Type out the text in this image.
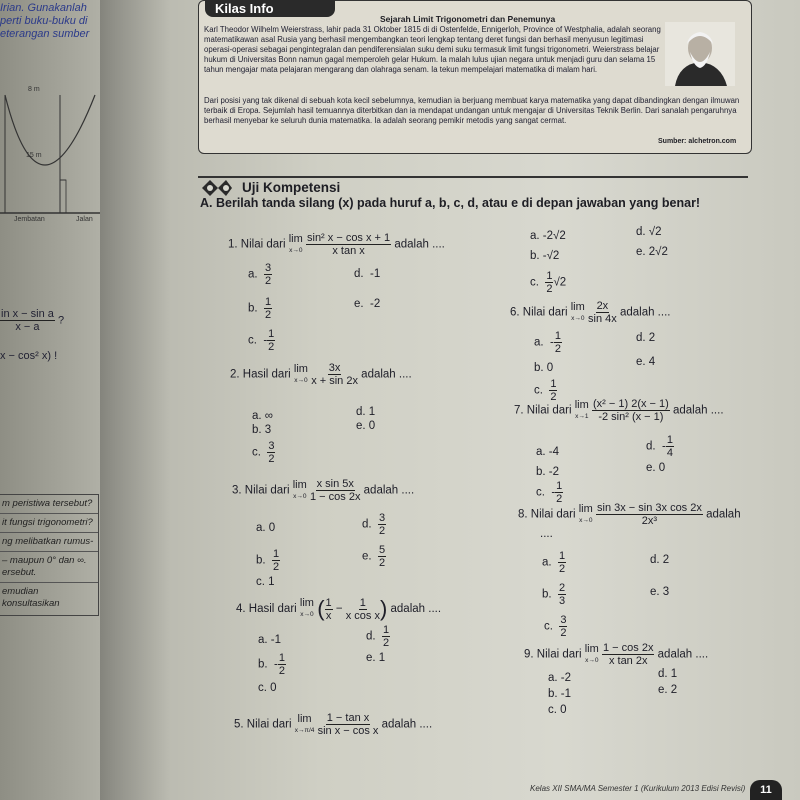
Irian. Gunakanlah
perti buku-buku di
eterangan sumber
8 m
15 m
Jembatan	Jalan
$\frac{\text{in x − sin a}}{x - a}$ ?
x − cos² x) !
m peristiwa tersebut?
it fungsi trigonometri?
ng melibatkan rumus-
– maupun 0° dan ∞.
ersebut.
emudian konsultasikan
Kilas Info
Sejarah Limit Trigonometri dan Penemunya
Karl Theodor Wilhelm Weierstrass, lahir pada 31 Oktober 1815 di di Ostenfelde, Ennigerloh, Province of Westphalia, adalah seorang matematikawan asal Rusia yang berhasil mengembangkan teori lengkap tentang deret fungsi dan berhasil menyusun legitimasi operasi-operasi sebagai pengintegralan dan pendiferensialan suku demi suku termasuk limit fungsi trigonometri. Weierstrass belajar hukum di Universitas Bonn namun gagal memperoleh gelar Hukum. Ia malah lulus ujian negara untuk menjadi guru dan selama 15 tahun mengajar mata pelajaran mengarang dan olahraga senam. Ia tekun mempelajari matematika di malam hari.
Dari posisi yang tak dikenal di sebuah kota kecil sebelumnya, kemudian ia berjuang membuat karya matematika yang dapat dibandingkan dengan ilmuwan terbaik di Eropa. Sejumlah hasil temuannya diterbitkan dan ia mendapat undangan untuk mengajar di Universitas Teknik Berlin. Dari sanalah pengaruhnya berhasil menyebar ke seluruh dunia matematika. Ia adalah seorang pemikir metodis yang sangat cermat.
Sumber: alchetron.com
Uji Kompetensi
A. Berilah tanda silang (x) pada huruf a, b, c, d, atau e di depan jawaban yang benar!
1. Nilai dari
lim
x→0
$\frac{\text{sin² x − cos x + 1}}{\text{x tan x}}$ adalah ....
a. $\frac{3}{2}$	d.  -1
b. $\frac{1}{2}$	e.  -2
c.  - $\frac{1}{2}$
a. -2√2	d. √2
b. -√2	e. 2√2
c. $\frac{1}{2} √2$
2. Hasil dari
lim
x→0
$\frac{3x}{x + \sin 2x}$ adalah ....
a. ∞	d. 1
b. 3	e. 0
c. $\frac{3}{2}$
3. Nilai dari
lim
x→0
$\frac{\text{x sin 5x}}{1 - \cos 2x}$ adalah ....
a. 0	d. $\frac{3}{2}$
b. $\frac{1}{2}$	e. $\frac{5}{2}$
c. 1
4. Hasil dari
lim
x→0 ( $\frac{1}{x} - \frac{1}{\text{x cos x}}$ ) adalah ....
a. -1	d. $\frac{1}{2}$
b.  - $\frac{1}{2}$	e. 1
c. 0
5. Nilai dari
lim
x→π/4
$\frac{\text{1 − tan x}}{\text{sin x − cos x}}$ adalah ....
6. Nilai dari
lim
x→0
$\frac{2x}{\sin 4x}$ adalah ....
a.  - $\frac{1}{2}$	d. 2
b. 0	e. 4
c. $\frac{1}{2}$
7. Nilai dari
lim
x→1
$\frac{\text{(x² − 1) 2(x − 1)}}{\text{-2 sin² (x − 1)}}$ adalah ....
a. -4	d.  - $\frac{1}{4}$
b. -2	e. 0
c.  - $\frac{1}{2}$
8. Nilai dari
lim
x→0
$\frac{\text{sin 3x − sin 3x cos 2x}}{\text{2x³}}$ adalah
....
a. $\frac{1}{2}$	d. 2
b. $\frac{2}{3}$	e. 3
c. $\frac{3}{2}$
9. Nilai dari
lim
x→0
$\frac{1 - \cos 2x}{\text{x tan 2x}}$ adalah ....
a. -2	d. 1
b. -1	e. 2
c. 0
Kelas XII SMA/MA Semester 1 (Kurikulum 2013 Edisi Revisi)	11
